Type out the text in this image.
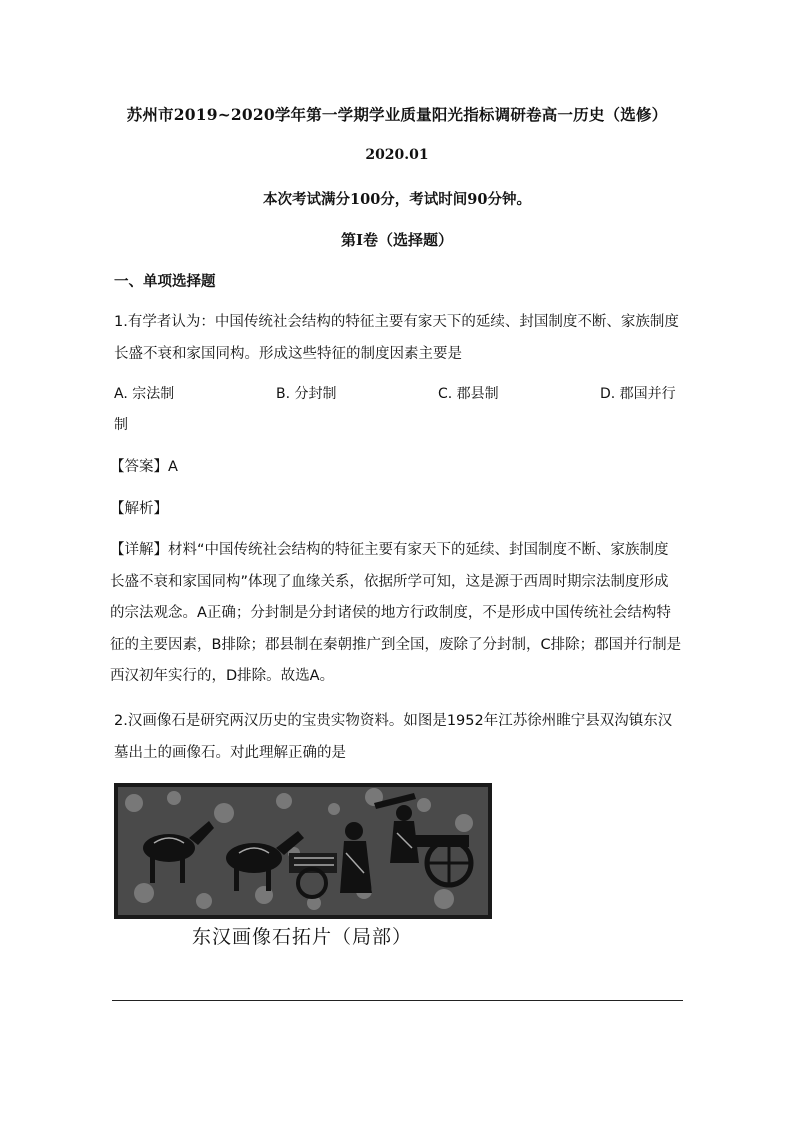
苏州市2019~2020学年第一学期学业质量阳光指标调研卷高一历史（选修）
2020.01
本次考试满分100分，考试时间90分钟。
第Ⅰ卷（选择题）
一、单项选择题
1.有学者认为：中国传统社会结构的特征主要有家天下的延续、封国制度不断、家族制度长盛不衰和家国同构。形成这些特征的制度因素主要是
A. 宗法制	B. 分封制	C. 郡县制	D. 郡国并行
制
【答案】A
【解析】
【详解】材料“中国传统社会结构的特征主要有家天下的延续、封国制度不断、家族制度长盛不衰和家国同构”体现了血缘关系，依据所学可知，这是源于西周时期宗法制度形成的宗法观念。A正确；分封制是分封诸侯的地方行政制度，不是形成中国传统社会结构特征的主要因素，B排除；郡县制在秦朝推广到全国，废除了分封制，C排除；郡国并行制是西汉初年实行的，D排除。故选A。
2.汉画像石是研究两汉历史的宝贵实物资料。如图是1952年江苏徐州睢宁县双沟镇东汉墓出土的画像石。对此理解正确的是
东汉画像石拓片（局部）
